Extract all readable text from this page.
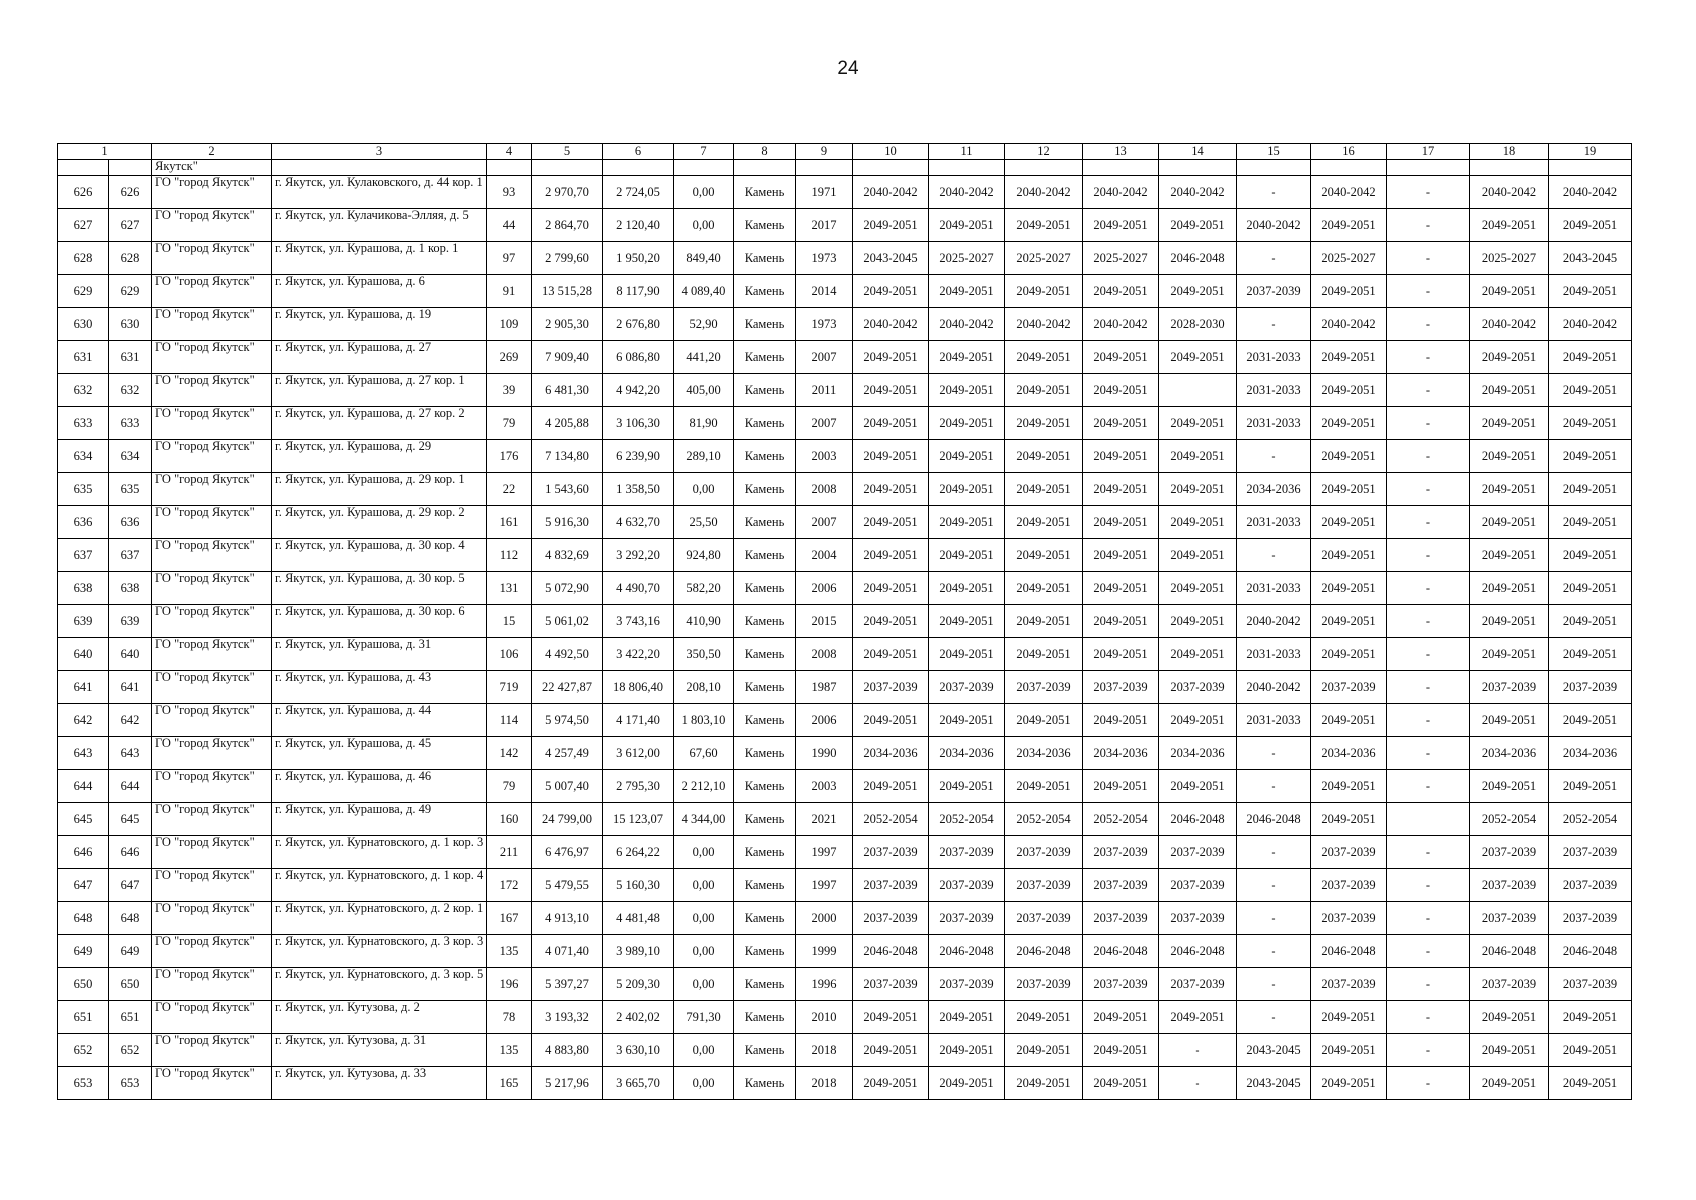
24
1		2	3	4	5	6	7	8	9	10	11	12	13	14	15	16	17	18	19
		Якутск"																	
626	626	ГО "город Якутск"	г. Якутск, ул. Кулаковского, д. 44 кор. 1	93	2 970,70	2 724,05	0,00	Камень	1971	2040-2042	2040-2042	2040-2042	2040-2042	2040-2042	-	2040-2042	-	2040-2042	2040-2042
627	627	ГО "город Якутск"	г. Якутск, ул. Кулачикова-Элляя, д. 5	44	2 864,70	2 120,40	0,00	Камень	2017	2049-2051	2049-2051	2049-2051	2049-2051	2049-2051	2040-2042	2049-2051	-	2049-2051	2049-2051
628	628	ГО "город Якутск"	г. Якутск, ул. Курашова, д. 1 кор. 1	97	2 799,60	1 950,20	849,40	Камень	1973	2043-2045	2025-2027	2025-2027	2025-2027	2046-2048	-	2025-2027	-	2025-2027	2043-2045
629	629	ГО "город Якутск"	г. Якутск, ул. Курашова, д. 6	91	13 515,28	8 117,90	4 089,40	Камень	2014	2049-2051	2049-2051	2049-2051	2049-2051	2049-2051	2037-2039	2049-2051	-	2049-2051	2049-2051
630	630	ГО "город Якутск"	г. Якутск, ул. Курашова, д. 19	109	2 905,30	2 676,80	52,90	Камень	1973	2040-2042	2040-2042	2040-2042	2040-2042	2028-2030	-	2040-2042	-	2040-2042	2040-2042
631	631	ГО "город Якутск"	г. Якутск, ул. Курашова, д. 27	269	7 909,40	6 086,80	441,20	Камень	2007	2049-2051	2049-2051	2049-2051	2049-2051	2049-2051	2031-2033	2049-2051	-	2049-2051	2049-2051
632	632	ГО "город Якутск"	г. Якутск, ул. Курашова, д. 27 кор. 1	39	6 481,30	4 942,20	405,00	Камень	2011	2049-2051	2049-2051	2049-2051	2049-2051		2031-2033	2049-2051	-	2049-2051	2049-2051
633	633	ГО "город Якутск"	г. Якутск, ул. Курашова, д. 27 кор. 2	79	4 205,88	3 106,30	81,90	Камень	2007	2049-2051	2049-2051	2049-2051	2049-2051	2049-2051	2031-2033	2049-2051	-	2049-2051	2049-2051
634	634	ГО "город Якутск"	г. Якутск, ул. Курашова, д. 29	176	7 134,80	6 239,90	289,10	Камень	2003	2049-2051	2049-2051	2049-2051	2049-2051	2049-2051	-	2049-2051	-	2049-2051	2049-2051
635	635	ГО "город Якутск"	г. Якутск, ул. Курашова, д. 29 кор. 1	22	1 543,60	1 358,50	0,00	Камень	2008	2049-2051	2049-2051	2049-2051	2049-2051	2049-2051	2034-2036	2049-2051	-	2049-2051	2049-2051
636	636	ГО "город Якутск"	г. Якутск, ул. Курашова, д. 29 кор. 2	161	5 916,30	4 632,70	25,50	Камень	2007	2049-2051	2049-2051	2049-2051	2049-2051	2049-2051	2031-2033	2049-2051	-	2049-2051	2049-2051
637	637	ГО "город Якутск"	г. Якутск, ул. Курашова, д. 30 кор. 4	112	4 832,69	3 292,20	924,80	Камень	2004	2049-2051	2049-2051	2049-2051	2049-2051	2049-2051	-	2049-2051	-	2049-2051	2049-2051
638	638	ГО "город Якутск"	г. Якутск, ул. Курашова, д. 30 кор. 5	131	5 072,90	4 490,70	582,20	Камень	2006	2049-2051	2049-2051	2049-2051	2049-2051	2049-2051	2031-2033	2049-2051	-	2049-2051	2049-2051
639	639	ГО "город Якутск"	г. Якутск, ул. Курашова, д. 30 кор. 6	15	5 061,02	3 743,16	410,90	Камень	2015	2049-2051	2049-2051	2049-2051	2049-2051	2049-2051	2040-2042	2049-2051	-	2049-2051	2049-2051
640	640	ГО "город Якутск"	г. Якутск, ул. Курашова, д. 31	106	4 492,50	3 422,20	350,50	Камень	2008	2049-2051	2049-2051	2049-2051	2049-2051	2049-2051	2031-2033	2049-2051	-	2049-2051	2049-2051
641	641	ГО "город Якутск"	г. Якутск, ул. Курашова, д. 43	719	22 427,87	18 806,40	208,10	Камень	1987	2037-2039	2037-2039	2037-2039	2037-2039	2037-2039	2040-2042	2037-2039	-	2037-2039	2037-2039
642	642	ГО "город Якутск"	г. Якутск, ул. Курашова, д. 44	114	5 974,50	4 171,40	1 803,10	Камень	2006	2049-2051	2049-2051	2049-2051	2049-2051	2049-2051	2031-2033	2049-2051	-	2049-2051	2049-2051
643	643	ГО "город Якутск"	г. Якутск, ул. Курашова, д. 45	142	4 257,49	3 612,00	67,60	Камень	1990	2034-2036	2034-2036	2034-2036	2034-2036	2034-2036	-	2034-2036	-	2034-2036	2034-2036
644	644	ГО "город Якутск"	г. Якутск, ул. Курашова, д. 46	79	5 007,40	2 795,30	2 212,10	Камень	2003	2049-2051	2049-2051	2049-2051	2049-2051	2049-2051	-	2049-2051	-	2049-2051	2049-2051
645	645	ГО "город Якутск"	г. Якутск, ул. Курашова, д. 49	160	24 799,00	15 123,07	4 344,00	Камень	2021	2052-2054	2052-2054	2052-2054	2052-2054	2046-2048	2046-2048	2049-2051		2052-2054	2052-2054
646	646	ГО "город Якутск"	г. Якутск, ул. Курнатовского, д. 1 кор. 3	211	6 476,97	6 264,22	0,00	Камень	1997	2037-2039	2037-2039	2037-2039	2037-2039	2037-2039	-	2037-2039	-	2037-2039	2037-2039
647	647	ГО "город Якутск"	г. Якутск, ул. Курнатовского, д. 1 кор. 4	172	5 479,55	5 160,30	0,00	Камень	1997	2037-2039	2037-2039	2037-2039	2037-2039	2037-2039	-	2037-2039	-	2037-2039	2037-2039
648	648	ГО "город Якутск"	г. Якутск, ул. Курнатовского, д. 2 кор. 1	167	4 913,10	4 481,48	0,00	Камень	2000	2037-2039	2037-2039	2037-2039	2037-2039	2037-2039	-	2037-2039	-	2037-2039	2037-2039
649	649	ГО "город Якутск"	г. Якутск, ул. Курнатовского, д. 3 кор. 3	135	4 071,40	3 989,10	0,00	Камень	1999	2046-2048	2046-2048	2046-2048	2046-2048	2046-2048	-	2046-2048	-	2046-2048	2046-2048
650	650	ГО "город Якутск"	г. Якутск, ул. Курнатовского, д. 3 кор. 5	196	5 397,27	5 209,30	0,00	Камень	1996	2037-2039	2037-2039	2037-2039	2037-2039	2037-2039	-	2037-2039	-	2037-2039	2037-2039
651	651	ГО "город Якутск"	г. Якутск, ул. Кутузова, д. 2	78	3 193,32	2 402,02	791,30	Камень	2010	2049-2051	2049-2051	2049-2051	2049-2051	2049-2051	-	2049-2051	-	2049-2051	2049-2051
652	652	ГО "город Якутск"	г. Якутск, ул. Кутузова, д. 31	135	4 883,80	3 630,10	0,00	Камень	2018	2049-2051	2049-2051	2049-2051	2049-2051	-	2043-2045	2049-2051	-	2049-2051	2049-2051
653	653	ГО "город Якутск"	г. Якутск, ул. Кутузова, д. 33	165	5 217,96	3 665,70	0,00	Камень	2018	2049-2051	2049-2051	2049-2051	2049-2051	-	2043-2045	2049-2051	-	2049-2051	2049-2051
